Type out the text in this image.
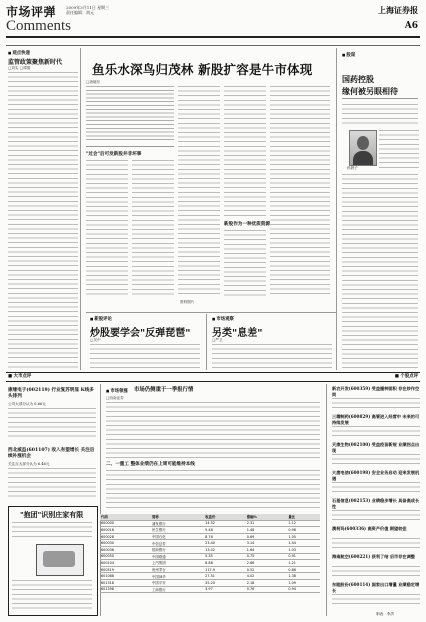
市场评弹 2009年3月11日 星期三
责任编辑：胡元
Comments
上海证券报
A6
■ 观点快递
监管政策聚焦新时代
□刘实 □谭德	鱼乐水深鸟归茂林 新股扩容是牛市体现
□唐晓东
"过会"后可发新股并非坏事
新股作为一种优质资源
资料图片
■ 股谋
国药控股
缘何被另眼相待
孙晨子
■ 新股评论
炒股要学会"反弹琵琶"
□吴中
■ 市场观察
另类"息差"
□严卫
■ 大市点评	■ 个股点评
康缘电子(002119) 行业复苏明显 K线多头排列
公司大部分认为 6.66元
西北威益(601107) 收入有望增长 关注后续补涨机会
关注点大部分认为 6.46元
"抱团"识别庄家有限
■ 市场领涨 市场仍侧重于一季报行情
□西南证券
二、一重工 整体业绩仍在上周可能维持本线
代码	简称	收盘价	涨幅%	量比
600000	浦发银行	14.52	2.31	1.12
600016	民生银行	5.48	1.48	0.98
600028	中国石化	8.76	0.69	1.05
600030	中信证券	23.40	3.14	1.44
600036	招商银行	13.02	1.64	1.03
600050	中国联通	5.35	0.75	0.91
600104	上汽集团	8.88	2.66	1.21
600519	贵州茅台	117.9	0.52	0.86
601088	中国神华	27.51	4.02	1.38
601318	中国平安	35.20	2.18	1.09
601398	工商银行	3.97	0.76	0.94
新农开发(600359) 受益播种面积 存在炒作空间
三精制药(600829) 高管进入经营中 未来的可持续发展
天康生物(002100) 受益疫苗新规 业绩拐点出现
大唐电信(600198) 安全业务启动 迎来发展机遇
石基信息(002153) 业绩稳步增长 具备高成长性
澳柯玛(600336) 高资产价值 期望较佳
海南航空(600221) 获利了结 后市存在调整
东睦股份(600114) 国家出口增量 业绩稳定增长
制表：李洪
